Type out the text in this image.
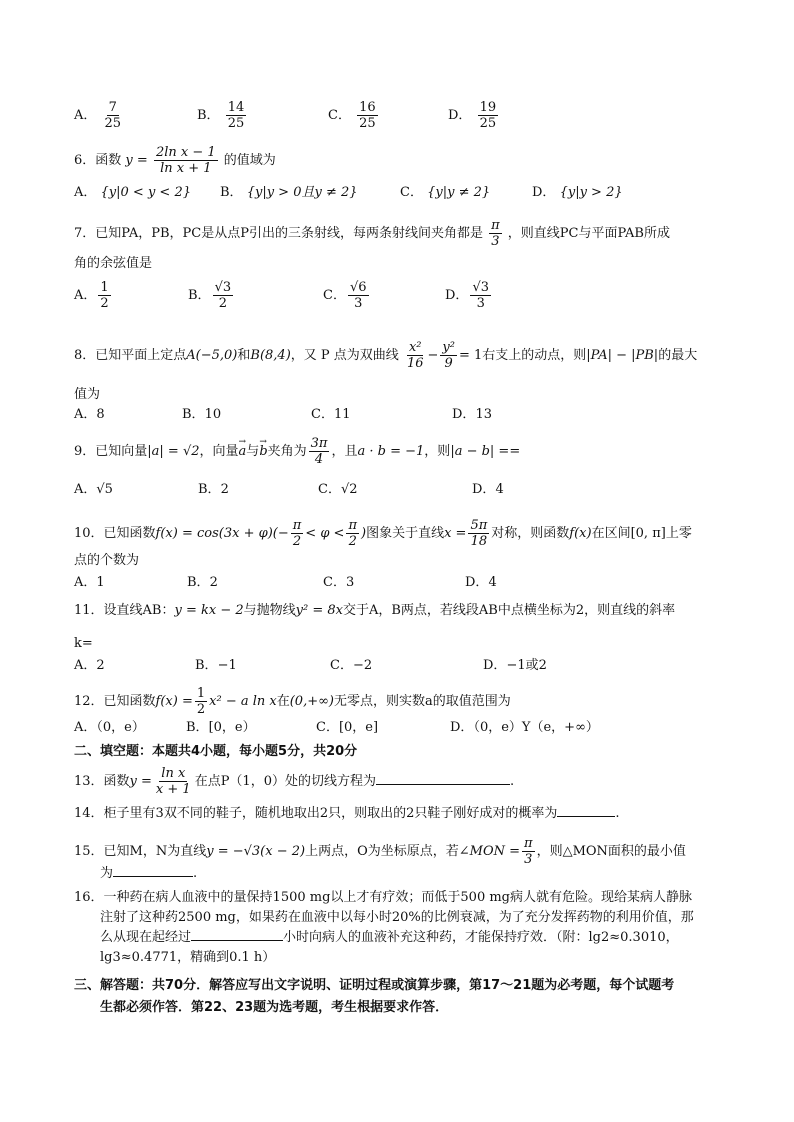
A． $\frac{7}{25}$	B． $\frac{14}{25}$	C． $\frac{16}{25}$	D． $\frac{19}{25}$
6．函数 $y = \frac{\text{2ln x − 1}}{\text{ln x + 1}}$ 的值域为
A． {y|0 < y < 2} B． {y|y > 0且y ≠ 2}	C． {y|y ≠ 2}	D． {y|y > 2}
7．已知PA，PB，PC是从点P引出的三条射线，每两条射线间夹角都是 $\frac{\pi}{3}$ ，则直线PC与平面PAB所成
角的余弦值是
A． $\frac{1}{2}$	B． $\frac{√3}{2}$	C． $\frac{√6}{3}$	D． $\frac{√3}{3}$
8．已知平面上定点A(−5,0)和B(8,4)，又 P 点为双曲线 $\frac{\text{x²}}{16} - \frac{\text{y²}}{9} = 1$右支上的动点，则|PA| − |PB|的最大
值为
A．8	B．10	C．11	D．13
9．已知向量|a| = √2，向量→ a与→ b夹角为 $\frac{3\pi}{4}$ ，且a · b = −1，则|a − b| ==
A．√5	B．2	C．√2	D．4
10．已知函数$f(x) = \cos(3x + \varphi)(- \frac{\pi}{2} < \varphi < \frac{\pi}{2}$ )图象关于直线$x = \frac{5\pi}{18}$ 对称，则函数f(x)在区间[0, π]上零
点的个数为
A．1	B．2	C．3	D．4
11．设直线AB：y = kx − 2与抛物线y² = 8x交于A，B两点，若线段AB中点横坐标为2，则直线的斜率
k=
A．2	B．−1	C．−2	D．−1或2
12．已知函数$f(x) = \frac{1}{2} x^2 - a$ ln x在(0,+∞)无零点，则实数a的取值范围为
A．（0，e）	B．[0，e）	C．[0，e]	D．（0，e）Y（e，+∞）
二、填空题：本题共4小题，每小题5分，共20分
13．函数$y = \frac{\text{ln x}}{x + 1}$ 在点P（1，0）处的切线方程为	.
14．柜子里有3双不同的鞋子，随机地取出2只，则取出的2只鞋子刚好成对的概率为	.
15．已知M，N为直线y = −√3(x − 2)上两点，O为坐标原点，若∠MON = $\frac{\pi}{3}$ ，则△MON面积的最小值
为	.
16．一种药在病人血液中的量保持1500 mg以上才有疗效；而低于500 mg病人就有危险。现给某病人静脉
注射了这种药2500 mg，如果药在血液中以每小时20%的比例衰减，为了充分发挥药物的利用价值，那
么从现在起经过	小时向病人的血液补充这种药，才能保持疗效．（附：lg2≈0.3010，
lg3≈0.4771，精确到0.1 h）
三、解答题：共70分．解答应写出文字说明、证明过程或演算步骤，第17～21题为必考题，每个试题考
生都必须作答．第22、23题为选考题，考生根据要求作答．
